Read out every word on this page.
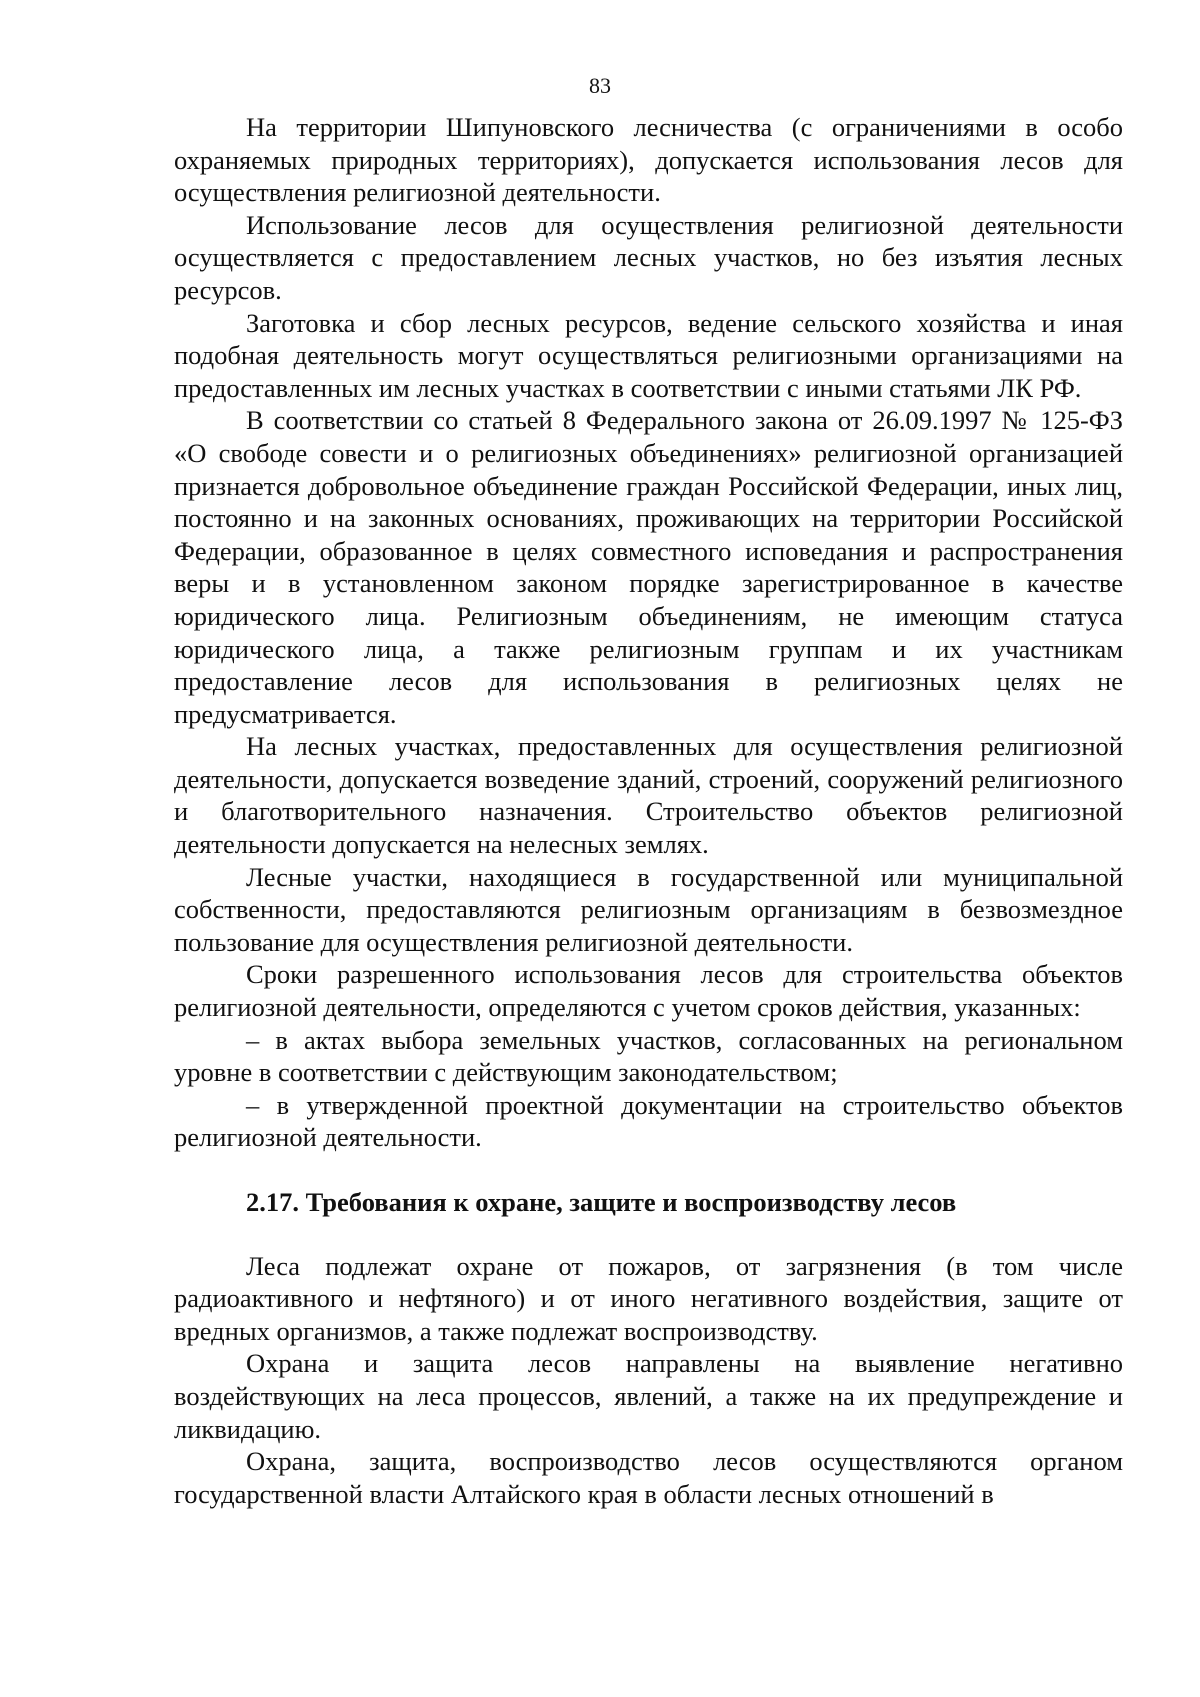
83

На территории Шипуновского лесничества (с ограничениями в особо охраняемых природных территориях), допускается использования лесов для осуществления религиозной деятельности.

Использование лесов для осуществления религиозной деятельности осуществляется с предоставлением лесных участков, но без изъятия лесных ресурсов.

Заготовка и сбор лесных ресурсов, ведение сельского хозяйства и иная подобная деятельность могут осуществляться религиозными организациями на предоставленных им лесных участках в соответствии с иными статьями ЛК РФ.

В соответствии со статьей 8 Федерального закона от 26.09.1997 № 125-ФЗ «О свободе совести и о религиозных объединениях» религиозной организацией признается добровольное объединение граждан Российской Федерации, иных лиц, постоянно и на законных основаниях, проживающих на территории Российской Федерации, образованное в целях совместного исповедания и распространения веры и в установленном законом порядке зарегистрированное в качестве юридического лица. Религиозным объединениям, не имеющим статуса юридического лица, а также религиозным группам и их участникам предоставление лесов для использования в религиозных целях не предусматривается.

На лесных участках, предоставленных для осуществления религиозной деятельности, допускается возведение зданий, строений, сооружений религиозного и благотворительного назначения. Строительство объектов религиозной деятельности допускается на нелесных землях.

Лесные участки, находящиеся в государственной или муниципальной собственности, предоставляются религиозным организациям в безвозмездное пользование для осуществления религиозной деятельности.

Сроки разрешенного использования лесов для строительства объектов религиозной деятельности, определяются с учетом сроков действия, указанных:

– в актах выбора земельных участков, согласованных на региональном уровне в соответствии с действующим законодательством;

– в утвержденной проектной документации на строительство объектов религиозной деятельности.

2.17. Требования к охране, защите и воспроизводству лесов

Леса подлежат охране от пожаров, от загрязнения (в том числе радиоактивного и нефтяного) и от иного негативного воздействия, защите от вредных организмов, а также подлежат воспроизводству.

Охрана и защита лесов направлены на выявление негативно воздействующих на леса процессов, явлений, а также на их предупреждение и ликвидацию.

Охрана, защита, воспроизводство лесов осуществляются органом государственной власти Алтайского края в области лесных отношений в
